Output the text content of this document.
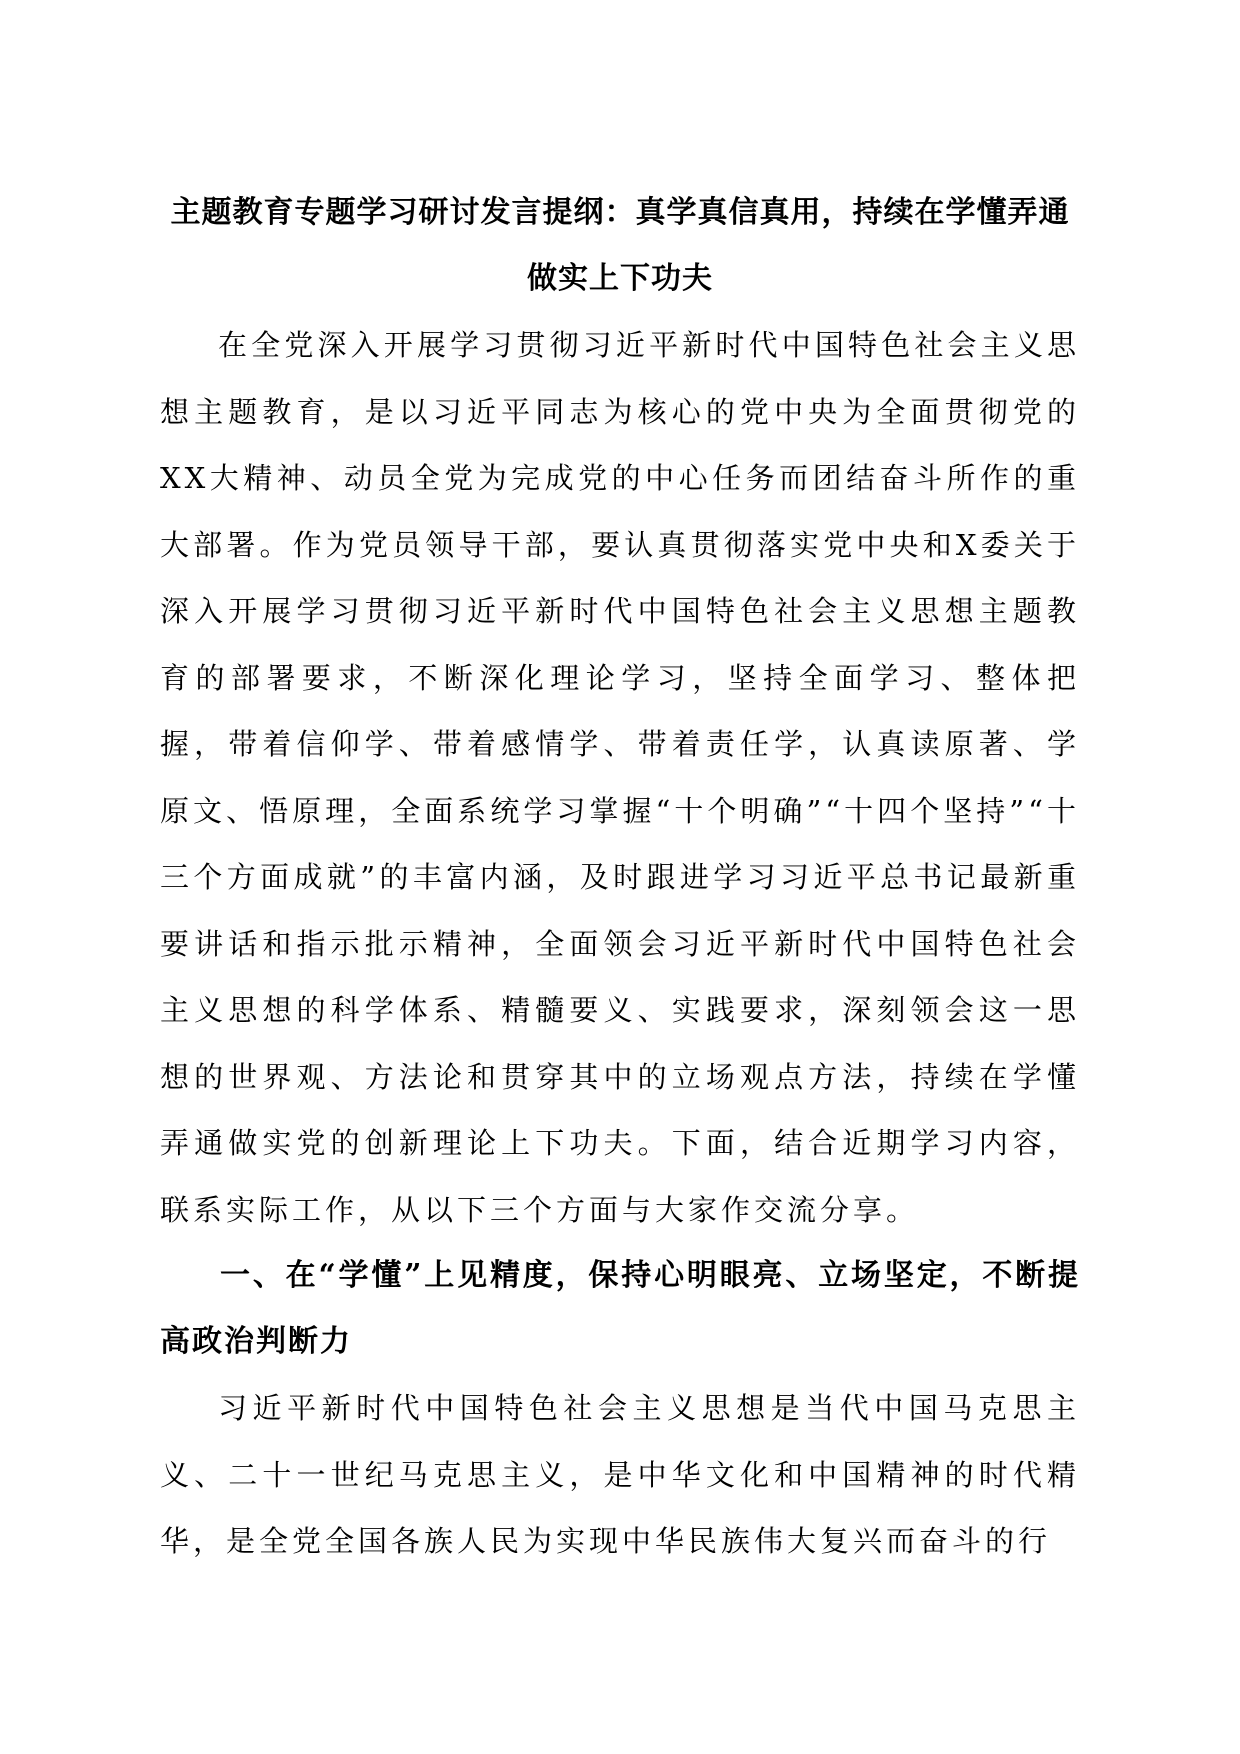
主题教育专题学习研讨发言提纲：真学真信真用，持续在学懂弄通做实上下功夫

在全党深入开展学习贯彻习近平新时代中国特色社会主义思想主题教育，是以习近平同志为核心的党中央为全面贯彻党的XX大精神、动员全党为完成党的中心任务而团结奋斗所作的重大部署。作为党员领导干部，要认真贯彻落实党中央和X委关于深入开展学习贯彻习近平新时代中国特色社会主义思想主题教育的部署要求，不断深化理论学习，坚持全面学习、整体把握，带着信仰学、带着感情学、带着责任学，认真读原著、学原文、悟原理，全面系统学习掌握“十个明确”“十四个坚持”“十三个方面成就”的丰富内涵，及时跟进学习习近平总书记最新重要讲话和指示批示精神，全面领会习近平新时代中国特色社会主义思想的科学体系、精髓要义、实践要求，深刻领会这一思想的世界观、方法论和贯穿其中的立场观点方法，持续在学懂弄通做实党的创新理论上下功夫。下面，结合近期学习内容，联系实际工作，从以下三个方面与大家作交流分享。

一、在“学懂”上见精度，保持心明眼亮、立场坚定，不断提高政治判断力

习近平新时代中国特色社会主义思想是当代中国马克思主义、二十一世纪马克思主义，是中华文化和中国精神的时代精华，是全党全国各族人民为实现中华民族伟大复兴而奋斗的行
